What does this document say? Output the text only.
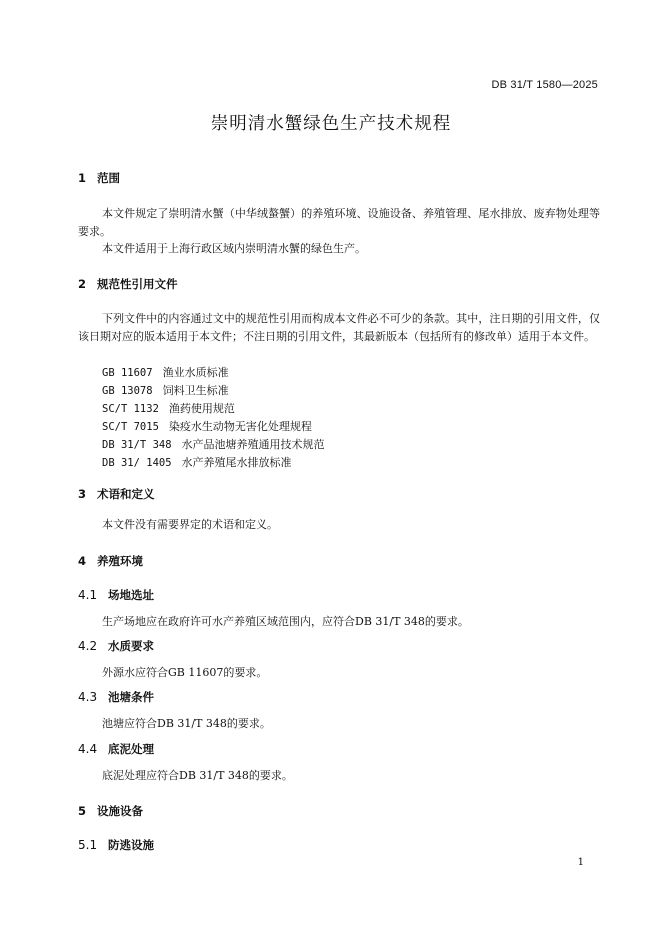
DB 31/T 1580—2025
崇明清水蟹绿色生产技术规程
1 范围
本文件规定了崇明清水蟹（中华绒螯蟹）的养殖环境、设施设备、养殖管理、尾水排放、废弃物处理等要求。
本文件适用于上海行政区域内崇明清水蟹的绿色生产。
2 规范性引用文件
下列文件中的内容通过文中的规范性引用而构成本文件必不可少的条款。其中，注日期的引用文件，仅该日期对应的版本适用于本文件；不注日期的引用文件，其最新版本（包括所有的修改单）适用于本文件。
GB 11607 渔业水质标准
GB 13078 饲料卫生标准
SC/T 1132 渔药使用规范
SC/T 7015 染疫水生动物无害化处理规程
DB 31/T 348 水产品池塘养殖通用技术规范
DB 31/ 1405 水产养殖尾水排放标准
3 术语和定义
本文件没有需要界定的术语和定义。
4 养殖环境
4.1 场地选址
生产场地应在政府许可水产养殖区域范围内，应符合DB 31/T 348的要求。
4.2 水质要求
外源水应符合GB 11607的要求。
4.3 池塘条件
池塘应符合DB 31/T 348的要求。
4.4 底泥处理
底泥处理应符合DB 31/T 348的要求。
5 设施设备
5.1 防逃设施
1
